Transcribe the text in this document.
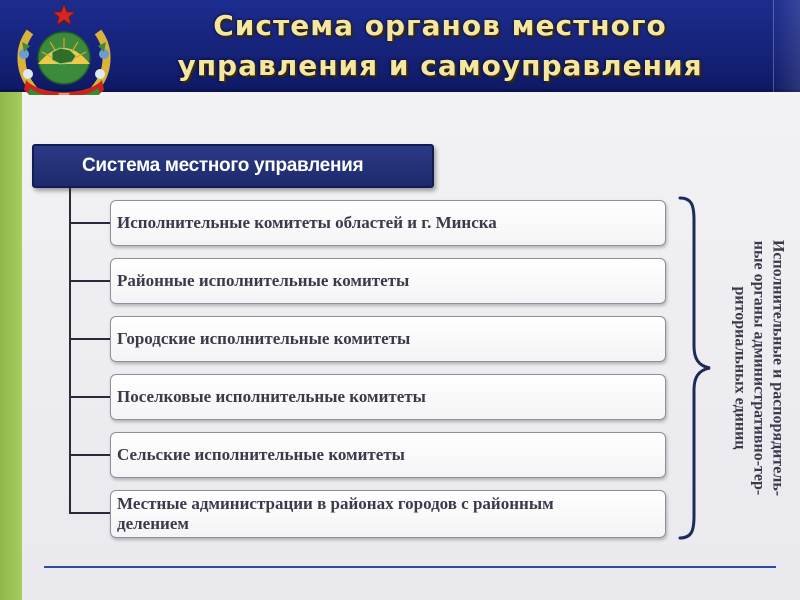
Система органов местного
управления и самоуправления
Система местного управления
Исполнительные комитеты областей и г. Минска
Районные исполнительные комитеты
Городские исполнительные комитеты
Поселковые исполнительные комитеты
Сельские исполнительные комитеты
Местные администрации в районах городов с районным
делением
Исполнительные и распорядитель-
ные органы административно-тер-
риториальных единиц
